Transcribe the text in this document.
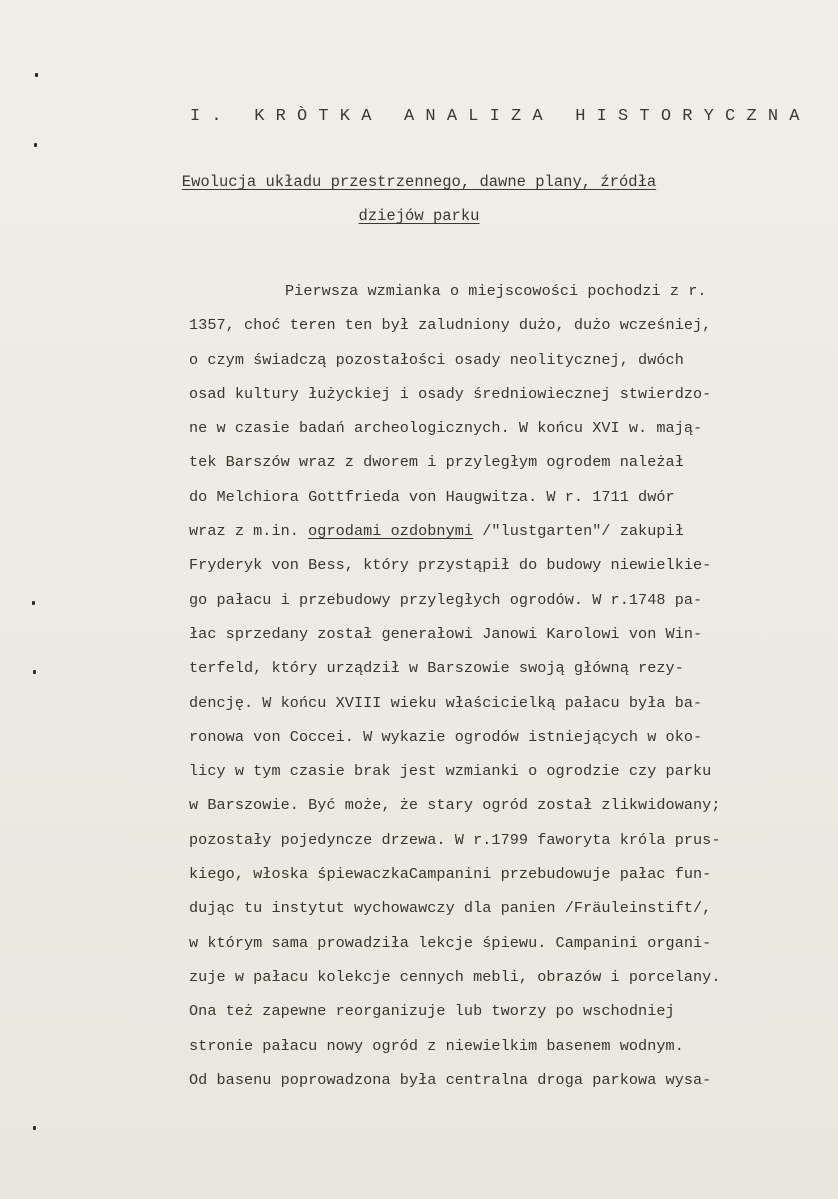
I. KRÒTKA ANALIZA HISTORYCZNA
Ewolucja układu przestrzennego, dawne plany, źródła
dziejów parku
Pierwsza wzmianka o miejscowości pochodzi z r.
1357, choć teren ten był zaludniony dużo, dużo wcześniej,
o czym świadczą pozostałości osady neolitycznej, dwóch
osad kultury łużyckiej i osady średniowiecznej stwierdzo-
ne w czasie badań archeologicznych. W końcu XVI w. mają-
tek Barszów wraz z dworem i przyległym ogrodem należał
do Melchiora Gottfrieda von Haugwitza. W r. 1711 dwór
wraz z m.in. ogrodami ozdobnymi /"lustgarten"/ zakupił
Fryderyk von Bess, który przystąpił do budowy niewielkie-
go pałacu i przebudowy przyległych ogrodów. W r.1748 pa-
łac sprzedany został generałowi Janowi Karolowi von Win-
terfeld, który urządził w Barszowie swoją główną rezy-
dencję. W końcu XVIII wieku właścicielką pałacu była ba-
ronowa von Coccei. W wykazie ogrodów istniejących w oko-
licy w tym czasie brak jest wzmianki o ogrodzie czy parku
w Barszowie. Być może, że stary ogród został zlikwidowany;
pozostały pojedyncze drzewa. W r.1799 faworyta króla prus-
kiego, włoska śpiewaczkaCampanini przebudowuje pałac fun-
dując tu instytut wychowawczy dla panien /Fräuleinstift/,
w którym sama prowadziła lekcje śpiewu. Campanini organi-
zuje w pałacu kolekcje cennych mebli, obrazów i porcelany.
Ona też zapewne reorganizuje lub tworzy po wschodniej
stronie pałacu nowy ogród z niewielkim basenem wodnym.
Od basenu poprowadzona była centralna droga parkowa wysa-
